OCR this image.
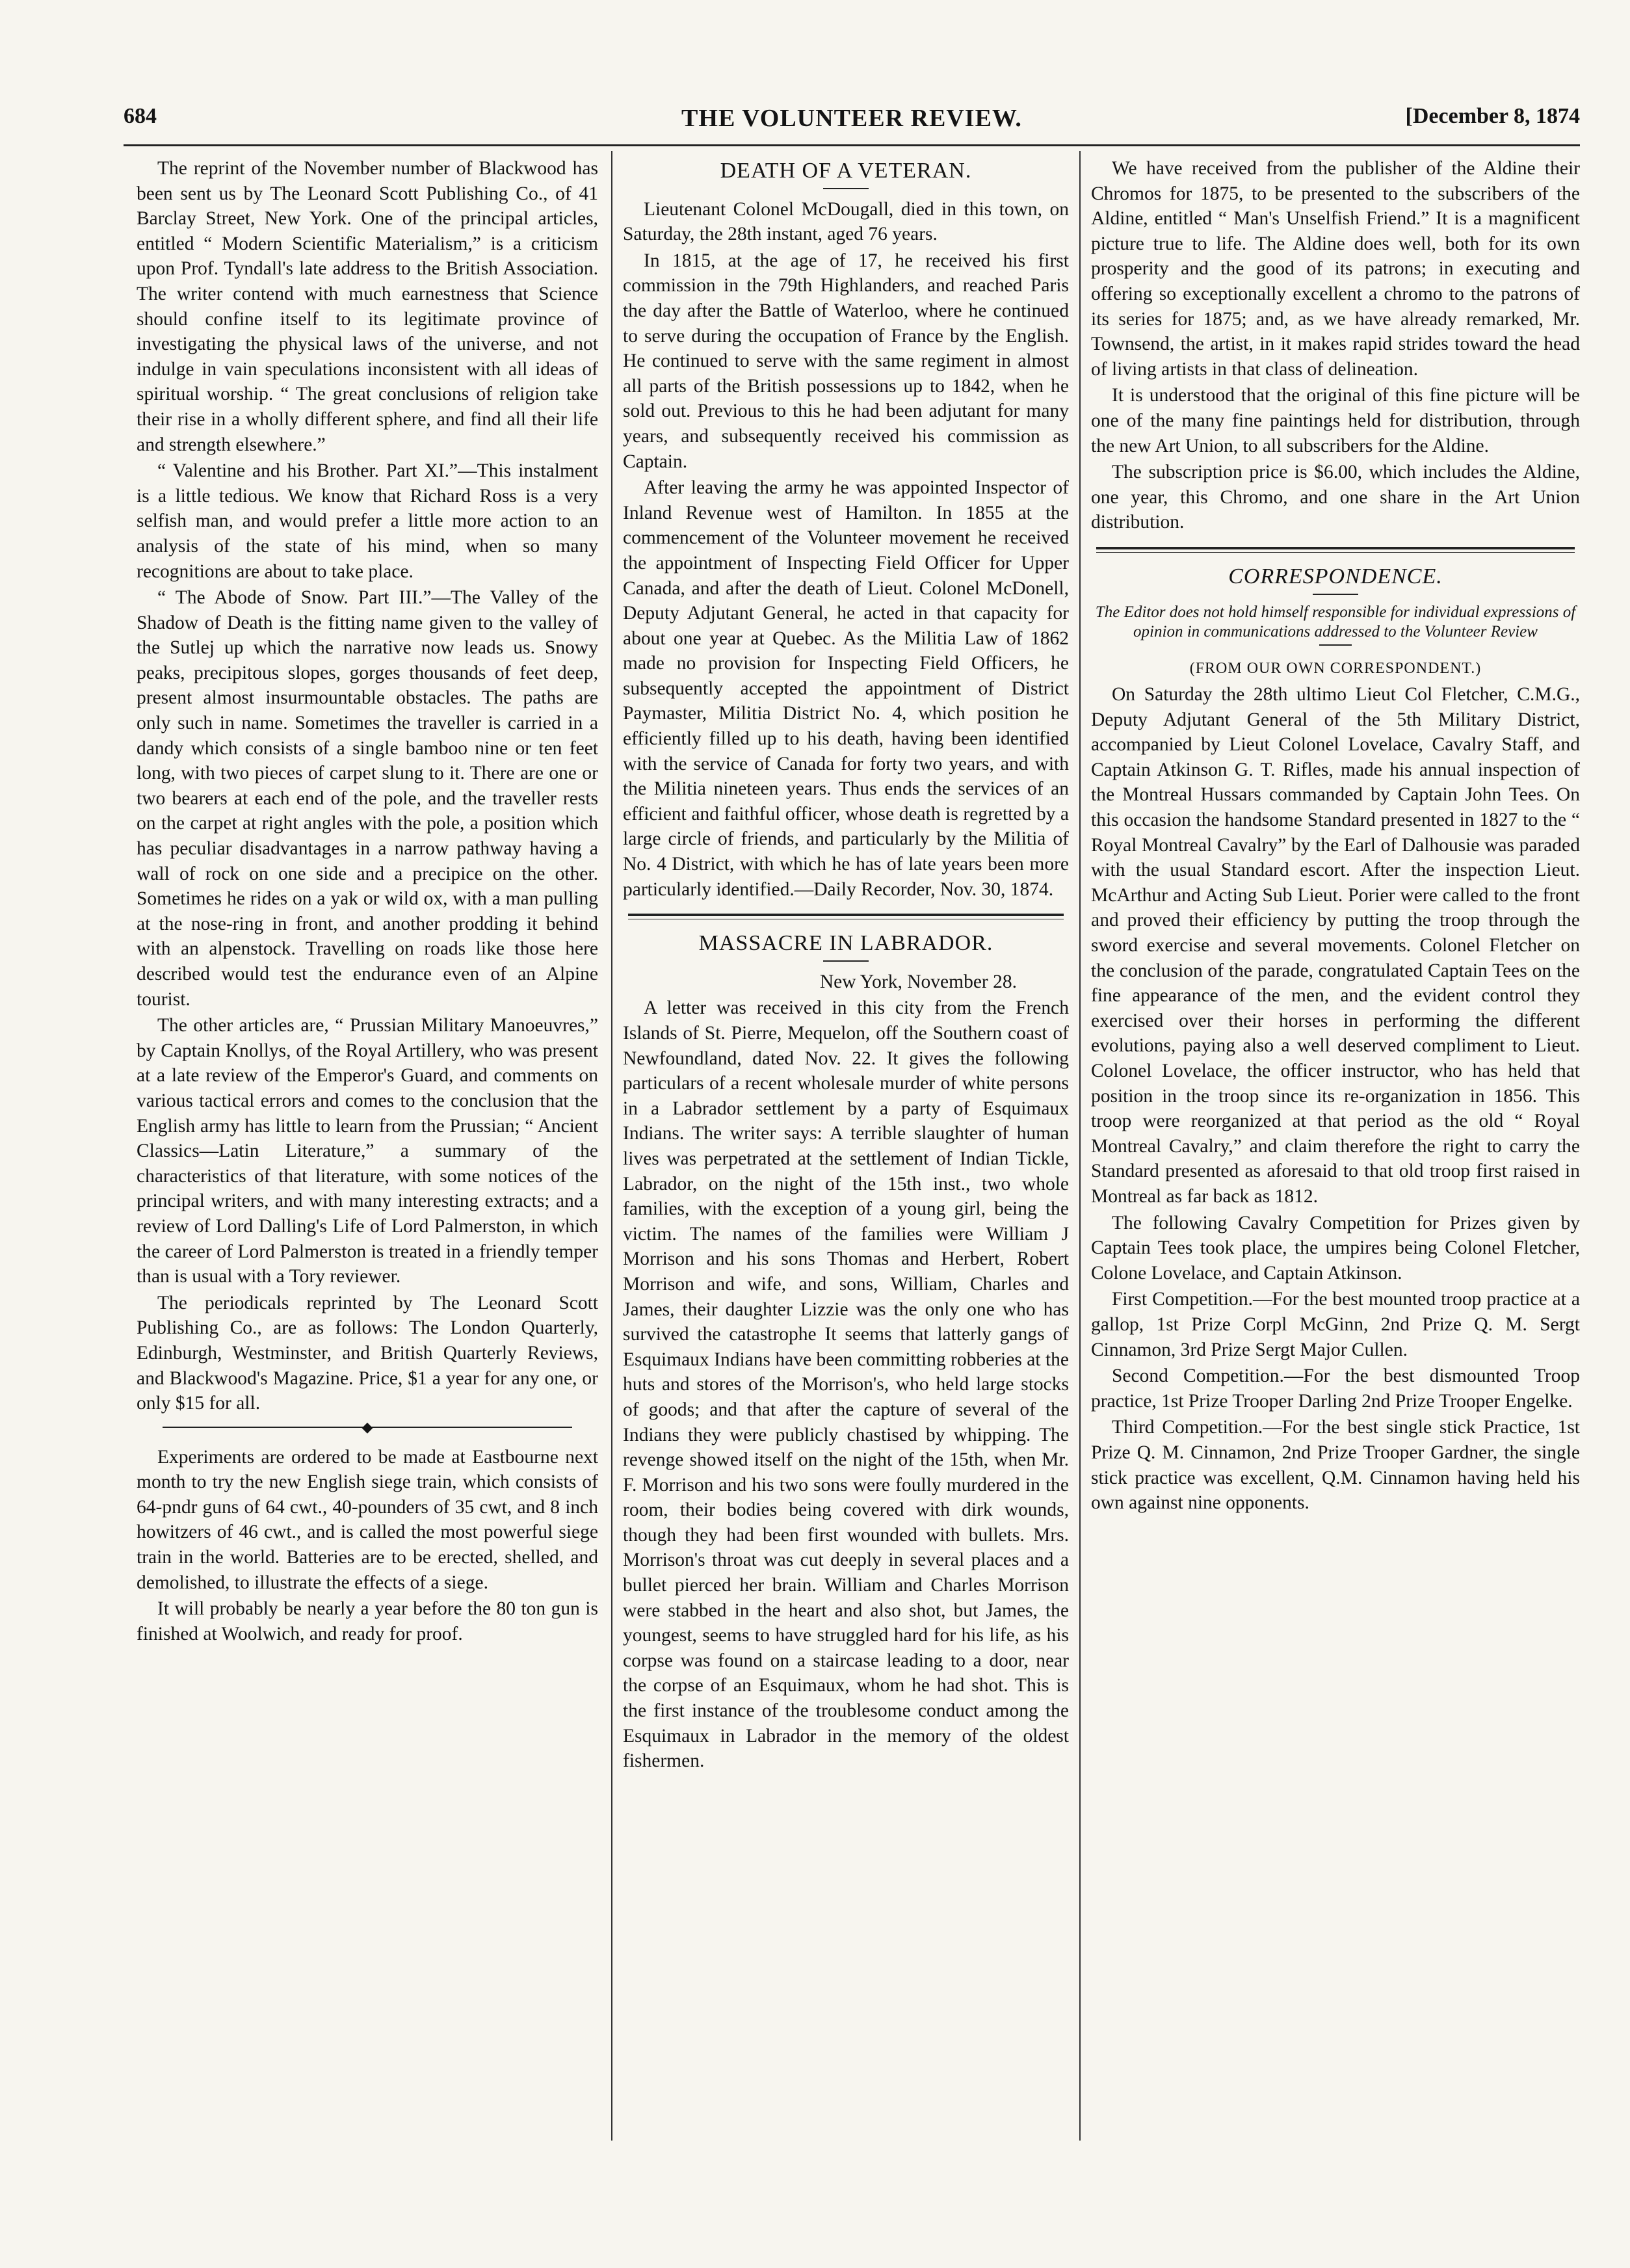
684	THE VOLUNTEER REVIEW.	[December 8, 1874

The reprint of the November number of Blackwood has been sent us by The Leonard Scott Publishing Co., of 41 Barclay Street, New York. One of the principal articles, entitled “ Modern Scientific Materialism,” is a criticism upon Prof. Tyndall's late address to the British Association. The writer contend with much earnestness that Science should confine itself to its legitimate province of investigating the physical laws of the universe, and not indulge in vain speculations inconsistent with all ideas of spiritual worship. “ The great conclusions of religion take their rise in a wholly different sphere, and find all their life and strength elsewhere.”

“ Valentine and his Brother. Part XI.”—This instalment is a little tedious. We know that Richard Ross is a very selfish man, and would prefer a little more action to an analysis of the state of his mind, when so many recognitions are about to take place.

“ The Abode of Snow. Part III.”—The Valley of the Shadow of Death is the fitting name given to the valley of the Sutlej up which the narrative now leads us. Snowy peaks, precipitous slopes, gorges thousands of feet deep, present almost insurmountable obstacles. The paths are only such in name. Sometimes the traveller is carried in a dandy which consists of a single bamboo nine or ten feet long, with two pieces of carpet slung to it. There are one or two bearers at each end of the pole, and the traveller rests on the carpet at right angles with the pole, a position which has peculiar disadvantages in a narrow pathway having a wall of rock on one side and a precipice on the other. Sometimes he rides on a yak or wild ox, with a man pulling at the nose-ring in front, and another prodding it behind with an alpenstock. Travelling on roads like those here described would test the endurance even of an Alpine tourist.

The other articles are, “ Prussian Military Manoeuvres,” by Captain Knollys, of the Royal Artillery, who was present at a late review of the Emperor's Guard, and comments on various tactical errors and comes to the conclusion that the English army has little to learn from the Prussian; “ Ancient Classics—Latin Literature,” a summary of the characteristics of that literature, with some notices of the principal writers, and with many interesting extracts; and a review of Lord Dalling's Life of Lord Palmerston, in which the career of Lord Palmerston is treated in a friendly temper than is usual with a Tory reviewer.

The periodicals reprinted by The Leonard Scott Publishing Co., are as follows: The London Quarterly, Edinburgh, Westminster, and British Quarterly Reviews, and Blackwood's Magazine. Price, $1 a year for any one, or only $15 for all.

◆

Experiments are ordered to be made at Eastbourne next month to try the new English siege train, which consists of 64-pndr guns of 64 cwt., 40-pounders of 35 cwt, and 8 inch howitzers of 46 cwt., and is called the most powerful siege train in the world. Batteries are to be erected, shelled, and demolished, to illustrate the effects of a siege.

It will probably be nearly a year before the 80 ton gun is finished at Woolwich, and ready for proof.

DEATH OF A VETERAN.

Lieutenant Colonel McDougall, died in this town, on Saturday, the 28th instant, aged 76 years.

In 1815, at the age of 17, he received his first commission in the 79th Highlanders, and reached Paris the day after the Battle of Waterloo, where he continued to serve during the occupation of France by the English. He continued to serve with the same regiment in almost all parts of the British possessions up to 1842, when he sold out. Previous to this he had been adjutant for many years, and subsequently received his commission as Captain.

After leaving the army he was appointed Inspector of Inland Revenue west of Hamilton. In 1855 at the commencement of the Volunteer movement he received the appointment of Inspecting Field Officer for Upper Canada, and after the death of Lieut. Colonel McDonell, Deputy Adjutant General, he acted in that capacity for about one year at Quebec. As the Militia Law of 1862 made no provision for Inspecting Field Officers, he subsequently accepted the appointment of District Paymaster, Militia District No. 4, which position he efficiently filled up to his death, having been identified with the service of Canada for forty two years, and with the Militia nineteen years. Thus ends the services of an efficient and faithful officer, whose death is regretted by a large circle of friends, and particularly by the Militia of No. 4 District, with which he has of late years been more particularly identified.—Daily Recorder, Nov. 30, 1874.

MASSACRE IN LABRADOR.

New York, November 28.

A letter was received in this city from the French Islands of St. Pierre, Mequelon, off the Southern coast of Newfoundland, dated Nov. 22. It gives the following particulars of a recent wholesale murder of white persons in a Labrador settlement by a party of Esquimaux Indians. The writer says: A terrible slaughter of human lives was perpetrated at the settlement of Indian Tickle, Labrador, on the night of the 15th inst., two whole families, with the exception of a young girl, being the victim. The names of the families were William J Morrison and his sons Thomas and Herbert, Robert Morrison and wife, and sons, William, Charles and James, their daughter Lizzie was the only one who has survived the catastrophe It seems that latterly gangs of Esquimaux Indians have been committing robberies at the huts and stores of the Morrison's, who held large stocks of goods; and that after the capture of several of the Indians they were publicly chastised by whipping. The revenge showed itself on the night of the 15th, when Mr. F. Morrison and his two sons were foully murdered in the room, their bodies being covered with dirk wounds, though they had been first wounded with bullets. Mrs. Morrison's throat was cut deeply in several places and a bullet pierced her brain. William and Charles Morrison were stabbed in the heart and also shot, but James, the youngest, seems to have struggled hard for his life, as his corpse was found on a staircase leading to a door, near the corpse of an Esquimaux, whom he had shot. This is the first instance of the troublesome conduct among the Esquimaux in Labrador in the memory of the oldest fishermen.

We have received from the publisher of the Aldine their Chromos for 1875, to be presented to the subscribers of the Aldine, entitled “ Man's Unselfish Friend.” It is a magnificent picture true to life. The Aldine does well, both for its own prosperity and the good of its patrons; in executing and offering so exceptionally excellent a chromo to the patrons of its series for 1875; and, as we have already remarked, Mr. Townsend, the artist, in it makes rapid strides toward the head of living artists in that class of delineation.

It is understood that the original of this fine picture will be one of the many fine paintings held for distribution, through the new Art Union, to all subscribers for the Aldine.

The subscription price is $6.00, which includes the Aldine, one year, this Chromo, and one share in the Art Union distribution.

CORRESPONDENCE.

The Editor does not hold himself responsible for individual expressions of opinion in communications addressed to the Volunteer Review

(FROM OUR OWN CORRESPONDENT.)

On Saturday the 28th ultimo Lieut Col Fletcher, C.M.G., Deputy Adjutant General of the 5th Military District, accompanied by Lieut Colonel Lovelace, Cavalry Staff, and Captain Atkinson G. T. Rifles, made his annual inspection of the Montreal Hussars commanded by Captain John Tees. On this occasion the handsome Standard presented in 1827 to the “ Royal Montreal Cavalry” by the Earl of Dalhousie was paraded with the usual Standard escort. After the inspection Lieut. McArthur and Acting Sub Lieut. Porier were called to the front and proved their efficiency by putting the troop through the sword exercise and several movements. Colonel Fletcher on the conclusion of the parade, congratulated Captain Tees on the fine appearance of the men, and the evident control they exercised over their horses in performing the different evolutions, paying also a well deserved compliment to Lieut. Colonel Lovelace, the officer instructor, who has held that position in the troop since its re-organization in 1856. This troop were reorganized at that period as the old “ Royal Montreal Cavalry,” and claim therefore the right to carry the Standard presented as aforesaid to that old troop first raised in Montreal as far back as 1812.

The following Cavalry Competition for Prizes given by Captain Tees took place, the umpires being Colonel Fletcher, Colone Lovelace, and Captain Atkinson.

First Competition.—For the best mounted troop practice at a gallop, 1st Prize Corpl McGinn, 2nd Prize Q. M. Sergt Cinnamon, 3rd Prize Sergt Major Cullen.

Second Competition.—For the best dismounted Troop practice, 1st Prize Trooper Darling 2nd Prize Trooper Engelke.

Third Competition.—For the best single stick Practice, 1st Prize Q. M. Cinnamon, 2nd Prize Trooper Gardner, the single stick practice was excellent, Q.M. Cinnamon having held his own against nine opponents.
